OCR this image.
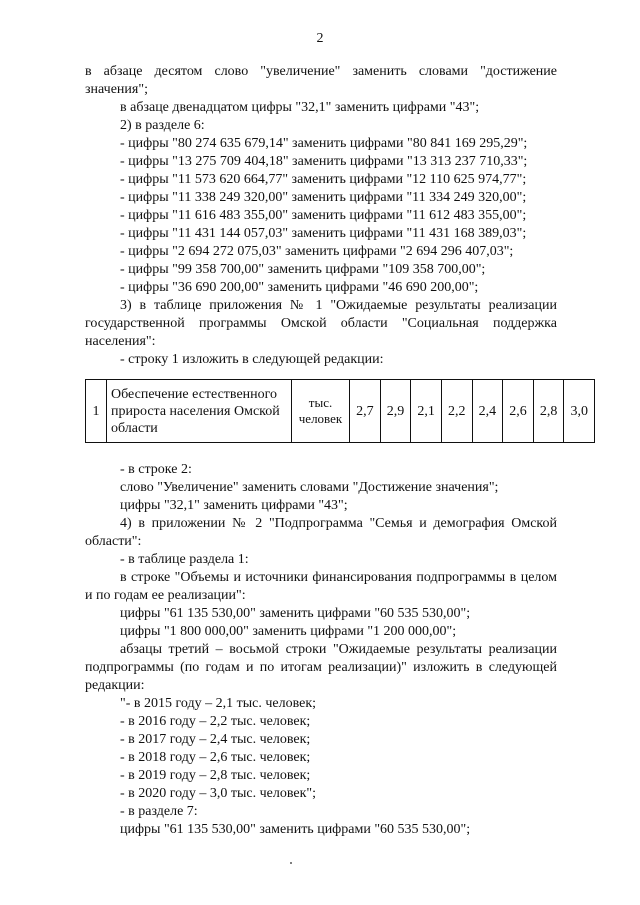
2
в абзаце десятом слово "увеличение" заменить словами "достижение
значения";
в абзаце двенадцатом цифры "32,1" заменить цифрами "43";
2) в разделе 6:
- цифры "80 274 635 679,14" заменить цифрами "80 841 169 295,29";
- цифры "13 275 709 404,18" заменить цифрами "13 313 237 710,33";
- цифры "11 573 620 664,77" заменить цифрами "12 110 625 974,77";
- цифры "11 338 249 320,00" заменить цифрами "11 334 249 320,00";
- цифры "11 616 483 355,00" заменить цифрами "11 612 483 355,00";
- цифры "11 431 144 057,03" заменить цифрами "11 431 168 389,03";
- цифры "2 694 272 075,03" заменить цифрами "2 694 296 407,03";
- цифры "99 358 700,00" заменить цифрами "109 358 700,00";
- цифры "36 690 200,00" заменить цифрами "46 690 200,00";
3) в таблице приложения № 1 "Ожидаемые результаты реализации
государственной программы Омской области "Социальная поддержка
населения":
- строку 1 изложить в следующей редакции:
1	Обеспечение естественного прироста населения Омской области	тыс. человек	2,7	2,9	2,1	2,2	2,4	2,6	2,8	3,0
- в строке 2:
слово "Увеличение" заменить словами "Достижение значения";
цифры "32,1" заменить цифрами "43";
4) в приложении № 2 "Подпрограмма "Семья и демография Омской
области":
- в таблице раздела 1:
в строке "Объемы и источники финансирования подпрограммы в целом
и по годам ее реализации":
цифры "61 135 530,00" заменить цифрами "60 535 530,00";
цифры "1 800 000,00" заменить цифрами "1 200 000,00";
абзацы третий – восьмой строки "Ожидаемые результаты реализации
подпрограммы (по годам и по итогам реализации)" изложить в следующей
редакции:
"- в 2015 году – 2,1 тыс. человек;
- в 2016 году – 2,2 тыс. человек;
- в 2017 году – 2,4 тыс. человек;
- в 2018 году – 2,6 тыс. человек;
- в 2019 году – 2,8 тыс. человек;
- в 2020 году – 3,0 тыс. человек";
- в разделе 7:
цифры "61 135 530,00" заменить цифрами "60 535 530,00";
